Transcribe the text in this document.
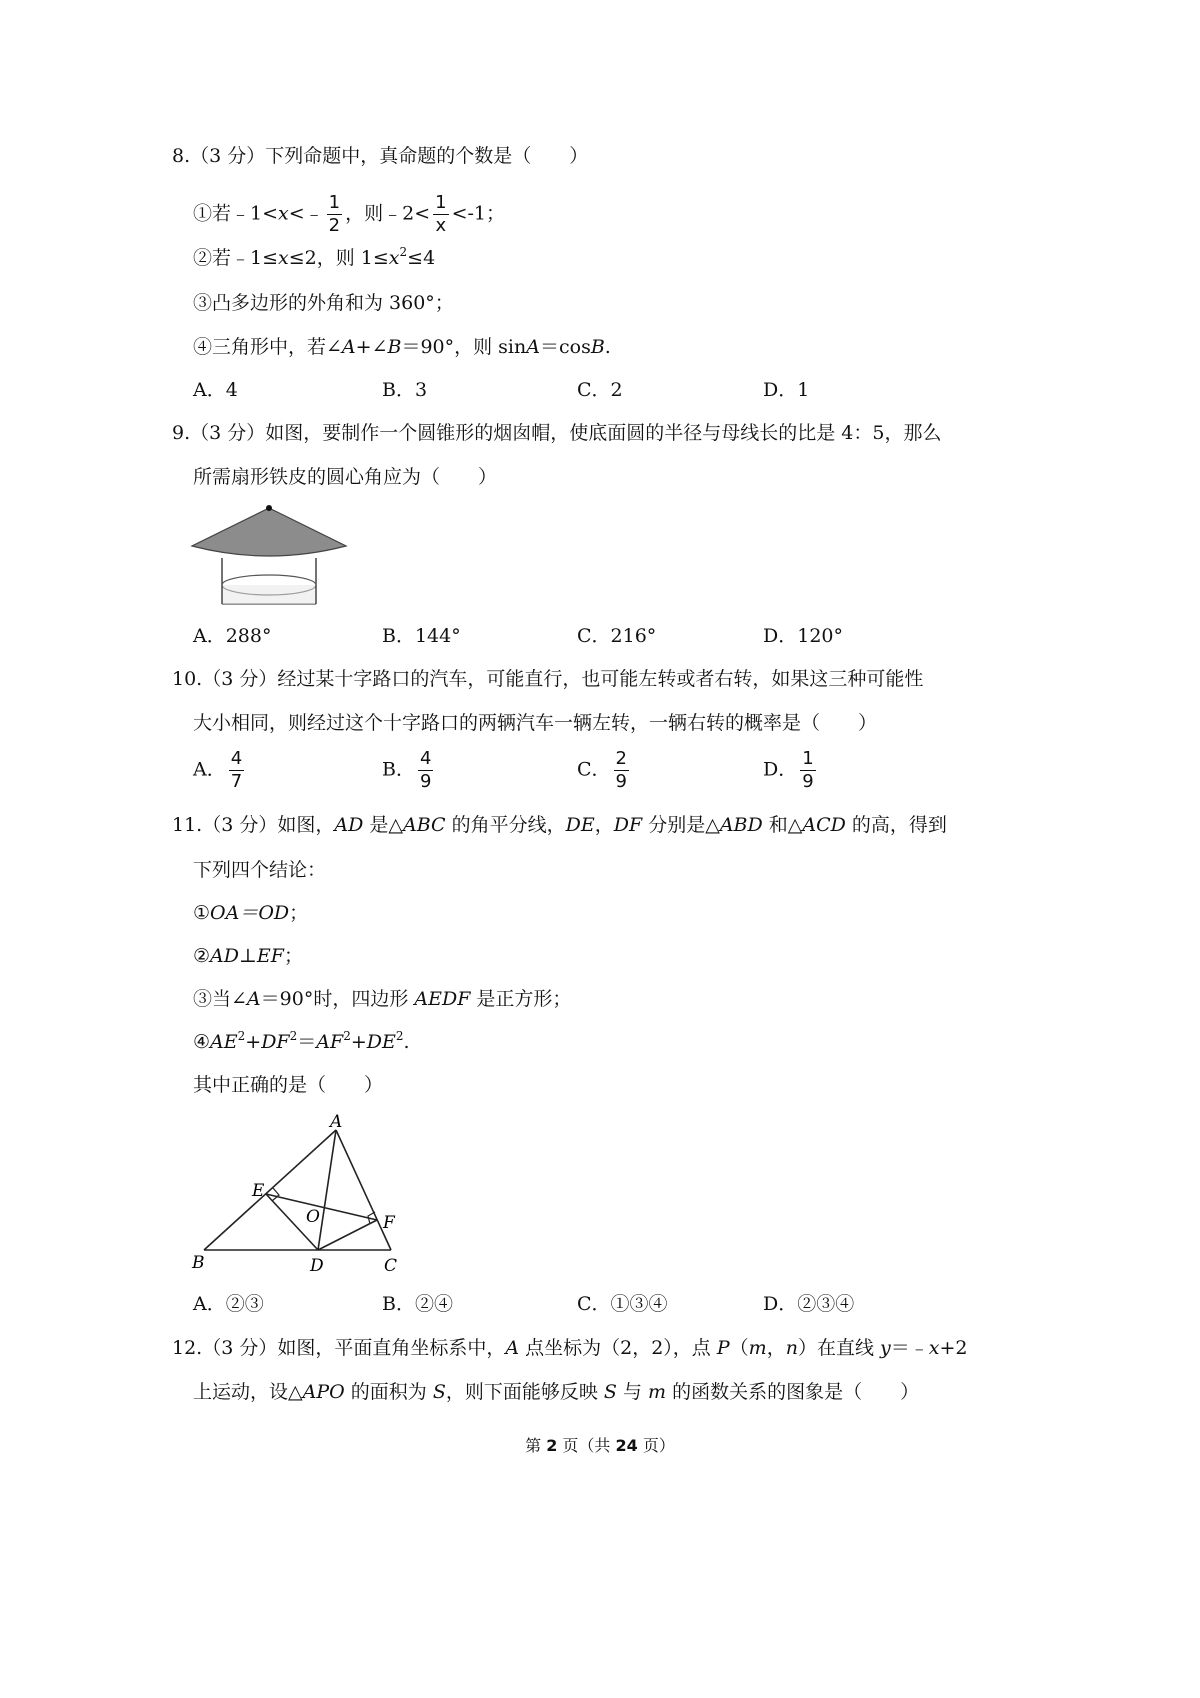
8.（3 分）下列命题中，真命题的个数是（　　）
①若﹣1<x<﹣ $\frac{1}{2}$ ，则﹣2< $\frac{1}{x} <-1$；
②若﹣1≤x≤2，则 $1\le x^2\le 4$
③凸多边形的外角和为 360°；
④三角形中，若∠A+∠B＝90°，则 sinA＝cosB.
A．4	B．3	C．2	D．1
9.（3 分）如图，要制作一个圆锥形的烟囱帽，使底面圆的半径与母线长的比是 4：5，那么
所需扇形铁皮的圆心角应为（　　）
A．288°	B．144°	C．216°	D．120°
10.（3 分）经过某十字路口的汽车，可能直行，也可能左转或者右转，如果这三种可能性
大小相同，则经过这个十字路口的两辆汽车一辆左转，一辆右转的概率是（　　）
A． $\frac{4}{7}$	B． $\frac{4}{9}$	C． $\frac{2}{9}$	D． $\frac{1}{9}$
11.（3 分）如图，AD 是△ABC 的角平分线，DE，DF 分别是△ABD 和△ACD 的高，得到
下列四个结论：
①OA＝OD；
②AD⊥EF；
③当∠A＝90°时，四边形 AEDF 是正方形；
$④AE^2+DF^2=AF^2+DE^2$.
其中正确的是（　　）
A
B	C
D
E
F
O
A．②③	B．②④	C．①③④	D．②③④
12.（3 分）如图，平面直角坐标系中，A 点坐标为（2，2），点 P（m，n）在直线 y＝﹣x+2
上运动，设△APO 的面积为 S，则下面能够反映 S 与 m 的函数关系的图象是（　　）
第 2 页（共 24 页）
